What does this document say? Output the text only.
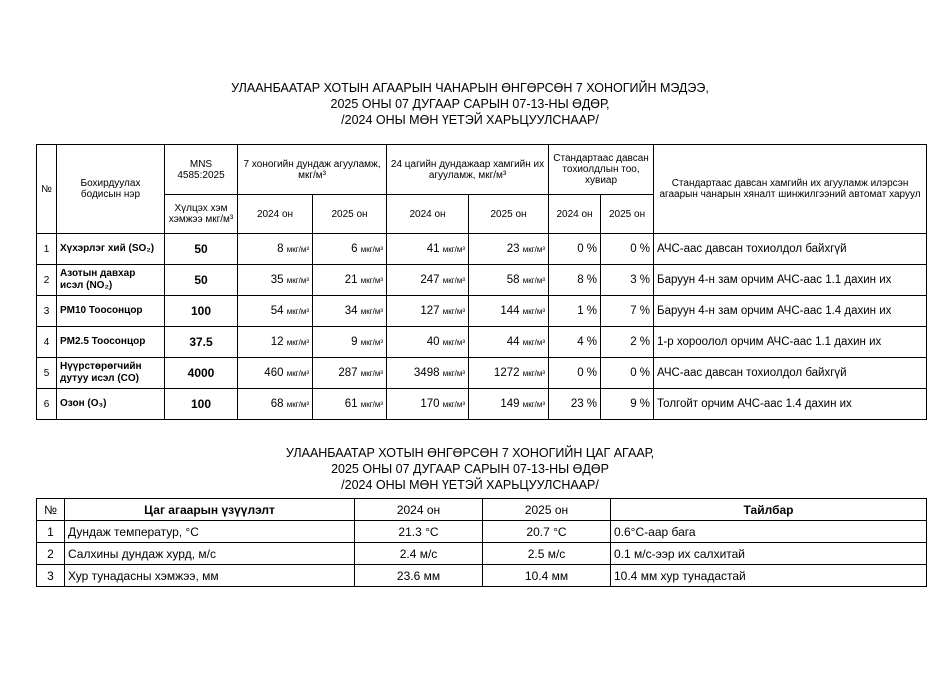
УЛААНБААТАР ХОТЫН АГААРЫН ЧАНАРЫН ӨНГӨРСӨН 7 ХОНОГИЙН МЭДЭЭ,
2025 ОНЫ 07 ДУГААР САРЫН 07-13-НЫ ӨДӨР,
/2024 ОНЫ МӨН ҮЕТЭЙ ХАРЬЦУУЛСНААР/
№	Бохирдуулах бодисын нэр	MNS 4585:2025	7 хоногийн дундаж агууламж, мкг/м³		24 цагийн дундажаар хамгийн их агууламж, мкг/м³		Стандартаас давсан тохиолдлын тоо, хувиар		Стандартаас давсан хамгийн их агууламж илэрсэн агаарын чанарын хяналт шинжилгээний автомат харуул
		Хүлцэх хэм хэмжээ мкг/м³	2024 он	2025 он	2024 он	2025 он	2024 он	2025 он	
1	Хүхэрлэг хий (SO₂)	50	8 мкг/м³	6 мкг/м³	41 мкг/м³	23 мкг/м³	0 %	0 %	АЧС-аас давсан тохиолдол байхгүй
2	Азотын давхар исэл (NO₂)	50	35 мкг/м³	21 мкг/м³	247 мкг/м³	58 мкг/м³	8 %	3 %	Баруун 4-н зам орчим АЧС-аас 1.1 дахин их
3	PM10 Тоосонцор	100	54 мкг/м³	34 мкг/м³	127 мкг/м³	144 мкг/м³	1 %	7 %	Баруун 4-н зам орчим АЧС-аас 1.4 дахин их
4	PM2.5 Тоосонцор	37.5	12 мкг/м³	9 мкг/м³	40 мкг/м³	44 мкг/м³	4 %	2 %	1-р хороолол орчим АЧС-аас 1.1 дахин их
5	Нүүрстөрөгчийн дутуу исэл (CO)	4000	460 мкг/м³	287 мкг/м³	3498 мкг/м³	1272 мкг/м³	0 %	0 %	АЧС-аас давсан тохиолдол байхгүй
6	Озон (O₃)	100	68 мкг/м³	61 мкг/м³	170 мкг/м³	149 мкг/м³	23 %	9 %	Толгойт орчим АЧС-аас 1.4 дахин их
УЛААНБААТАР ХОТЫН ӨНГӨРСӨН 7 ХОНОГИЙН ЦАГ АГААР,
2025 ОНЫ 07 ДУГААР САРЫН 07-13-НЫ ӨДӨР
/2024 ОНЫ МӨН ҮЕТЭЙ ХАРЬЦУУЛСНААР/
№	Цаг агаарын үзүүлэлт	2024 он	2025 он	Тайлбар
1	Дундаж температур, °C	21.3 °C	20.7 °C	0.6°C-аар бага
2	Салхины дундаж хурд, м/с	2.4 м/с	2.5 м/с	0.1 м/с-ээр их салхитай
3	Хур тунадасны хэмжээ, мм	23.6 мм	10.4 мм	10.4 мм хур тунадастай
